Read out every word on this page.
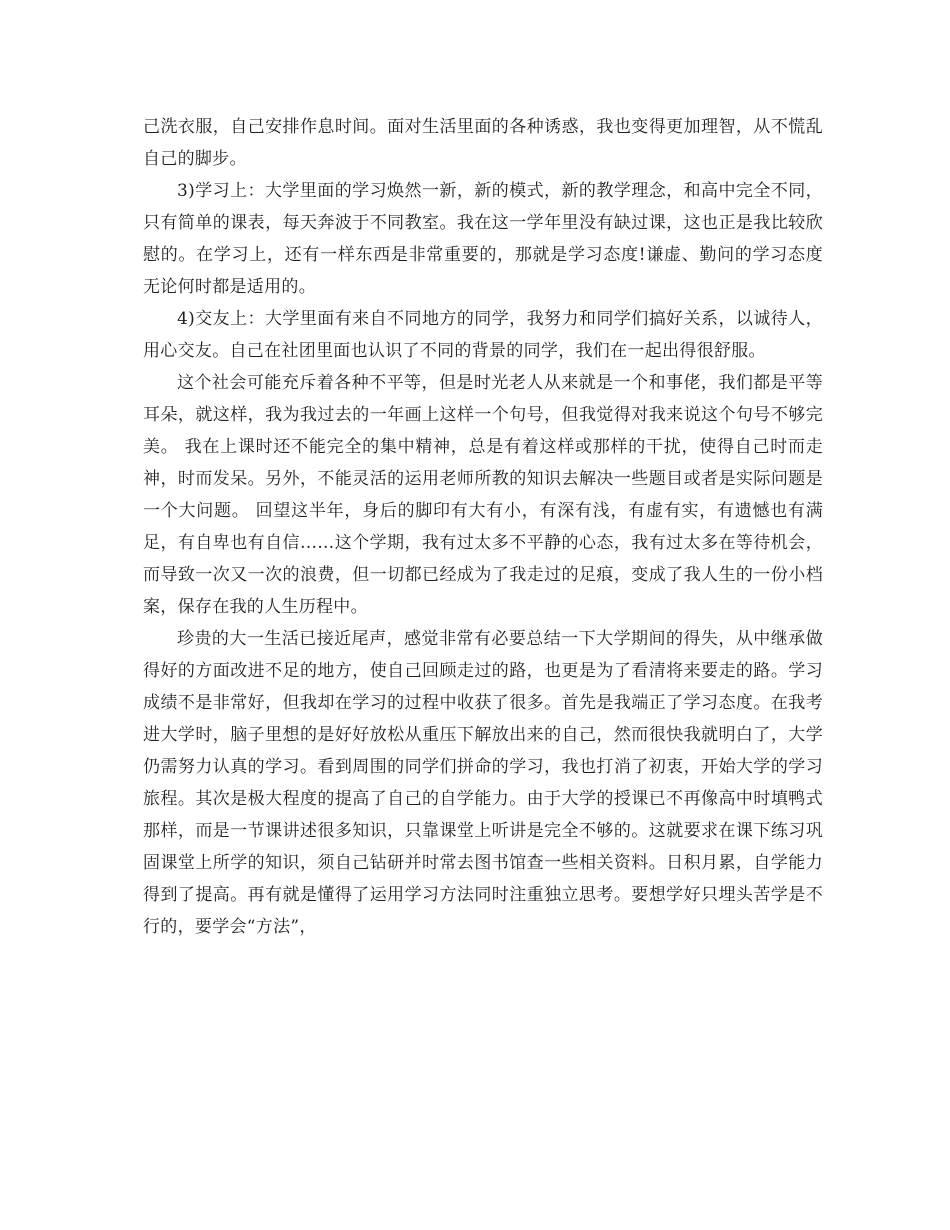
己洗衣服，自己安排作息时间。面对生活里面的各种诱惑，我也变得更加理智，从不慌乱自己的脚步。

3)学习上：大学里面的学习焕然一新，新的模式，新的教学理念，和高中完全不同，只有简单的课表，每天奔波于不同教室。我在这一学年里没有缺过课，这也正是我比较欣慰的。在学习上，还有一样东西是非常重要的，那就是学习态度!谦虚、勤问的学习态度无论何时都是适用的。

4)交友上：大学里面有来自不同地方的同学，我努力和同学们搞好关系，以诚待人，用心交友。自己在社团里面也认识了不同的背景的同学，我们在一起出得很舒服。

这个社会可能充斥着各种不平等，但是时光老人从来就是一个和事佬，我们都是平等耳朵，就这样，我为我过去的一年画上这样一个句号，但我觉得对我来说这个句号不够完美。 我在上课时还不能完全的集中精神，总是有着这样或那样的干扰，使得自己时而走神，时而发呆。另外，不能灵活的运用老师所教的知识去解决一些题目或者是实际问题是一个大问题。 回望这半年，身后的脚印有大有小，有深有浅，有虚有实，有遗憾也有满足，有自卑也有自信……这个学期，我有过太多不平静的心态，我有过太多在等待机会，而导致一次又一次的浪费，但一切都已经成为了我走过的足痕，变成了我人生的一份小档案，保存在我的人生历程中。

珍贵的大一生活已接近尾声，感觉非常有必要总结一下大学期间的得失，从中继承做得好的方面改进不足的地方，使自己回顾走过的路，也更是为了看清将来要走的路。学习成绩不是非常好，但我却在学习的过程中收获了很多。首先是我端正了学习态度。在我考进大学时，脑子里想的是好好放松从重压下解放出来的自己，然而很快我就明白了，大学仍需努力认真的学习。看到周围的同学们拼命的学习，我也打消了初衷，开始大学的学习旅程。其次是极大程度的提高了自己的自学能力。由于大学的授课已不再像高中时填鸭式那样，而是一节课讲述很多知识，只靠课堂上听讲是完全不够的。这就要求在课下练习巩固课堂上所学的知识，须自己钻研并时常去图书馆查一些相关资料。日积月累，自学能力得到了提高。再有就是懂得了运用学习方法同时注重独立思考。要想学好只埋头苦学是不行的，要学会“方法”，
